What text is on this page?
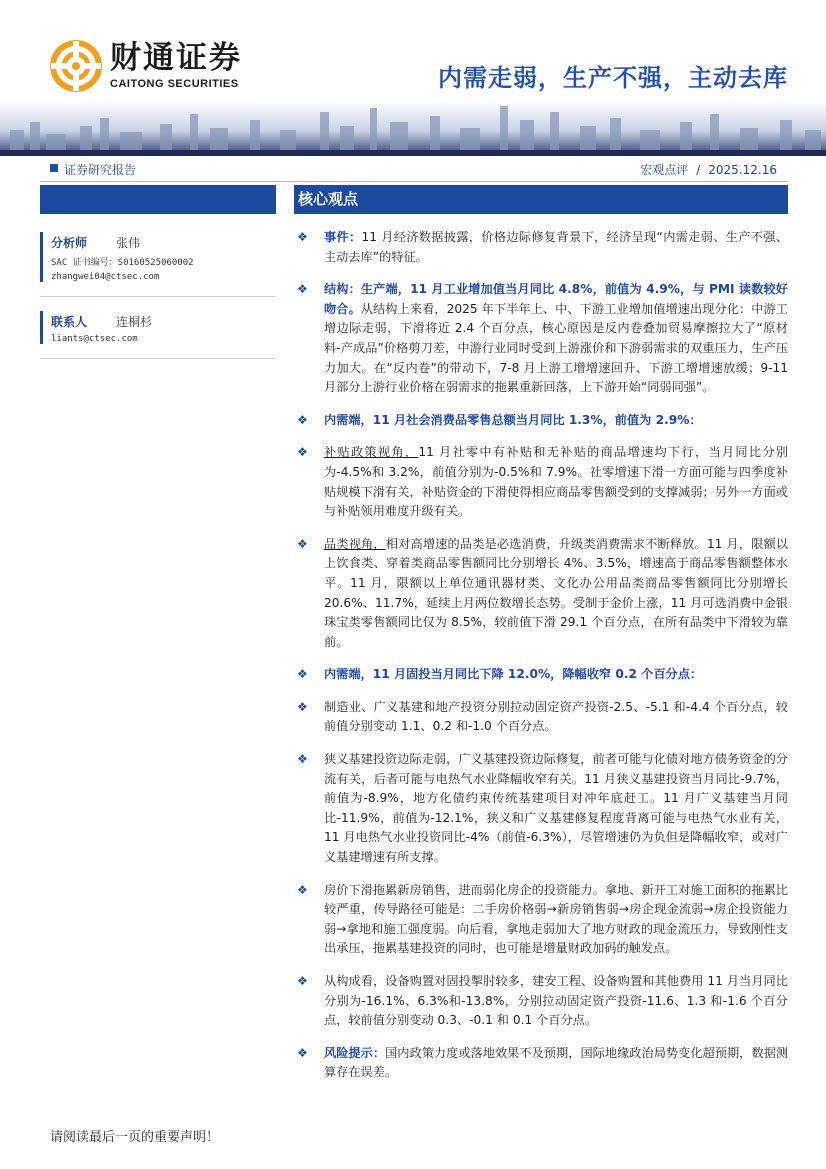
财通证券
CAITONG SECURITIES	内需走弱，生产不强，主动去库
证券研究报告	宏观点评 / 2025.12.16
分析师 张伟
SAC 证书编号：S0160525060002
zhangwei04@ctsec.com
联系人 连桐杉
liants@ctsec.com
核心观点
❖ 事件：11 月经济数据披露，价格边际修复背景下，经济呈现“内需走弱、生产不强、主动去库”的特征。
❖ 结构：生产端，11 月工业增加值当月同比 4.8%，前值为 4.9%，与 PMI 读数较好吻合。从结构上来看，2025 年下半年上、中、下游工业增加值增速出现分化：中游工增边际走弱，下滑将近 2.4 个百分点，核心原因是反内卷叠加贸易摩擦拉大了“原材料-产成品”价格剪刀差，中游行业同时受到上游涨价和下游弱需求的双重压力，生产压力加大。在“反内卷”的带动下，7-8 月上游工增增速回升、下游工增增速放缓；9-11 月部分上游行业价格在弱需求的拖累重新回落，上下游开始“同弱同强”。
❖ 内需端，11 月社会消费品零售总额当月同比 1.3%，前值为 2.9%：
❖ 补贴政策视角，11 月社零中有补贴和无补贴的商品增速均下行，当月同比分别为-4.5%和 3.2%，前值分别为-0.5%和 7.9%。社零增速下滑一方面可能与四季度补贴规模下滑有关，补贴资金的下滑使得相应商品零售额受到的支撑减弱；另外一方面或与补贴领用难度升级有关。
❖ 品类视角，相对高增速的品类是必选消费，升级类消费需求不断释放。11 月，限额以上饮食类、穿着类商品零售额同比分别增长 4%、3.5%，增速高于商品零售额整体水平。11 月，限额以上单位通讯器材类、文化办公用品类商品零售额同比分别增长 20.6%、11.7%，延续上月两位数增长态势。受制于金价上涨，11 月可选消费中金银珠宝类零售额同比仅为 8.5%，较前值下滑 29.1 个百分点，在所有品类中下滑较为靠前。
❖ 内需端，11 月固投当月同比下降 12.0%，降幅收窄 0.2 个百分点：
❖ 制造业、广义基建和地产投资分别拉动固定资产投资-2.5、-5.1 和-4.4 个百分点，较前值分别变动 1.1、0.2 和-1.0 个百分点。
❖ 狭义基建投资边际走弱，广义基建投资边际修复，前者可能与化债对地方债务资金的分流有关，后者可能与电热气水业降幅收窄有关。11 月狭义基建投资当月同比-9.7%，前值为-8.9%，地方化债约束传统基建项目对冲年底赶工。11 月广义基建当月同比-11.9%，前值为-12.1%，狭义和广义基建修复程度背离可能与电热气水业有关，11 月电热气水业投资同比-4%（前值-6.3%），尽管增速仍为负但是降幅收窄，或对广义基建增速有所支撑。
❖ 房价下滑拖累新房销售，进而弱化房企的投资能力。拿地、新开工对施工面积的拖累比较严重，传导路径可能是：二手房价格弱→新房销售弱→房企现金流弱→房企投资能力弱→拿地和施工强度弱。向后看，拿地走弱加大了地方财政的现金流压力，导致刚性支出承压，拖累基建投资的同时，也可能是增量财政加码的触发点。
❖ 从构成看，设备购置对固投掣肘较多，建安工程、设备购置和其他费用 11 月当月同比分别为-16.1%、6.3%和-13.8%，分别拉动固定资产投资-11.6、1.3 和-1.6 个百分点，较前值分别变动 0.3、-0.1 和 0.1 个百分点。
❖ 风险提示：国内政策力度或落地效果不及预期，国际地缘政治局势变化超预期，数据测算存在误差。
请阅读最后一页的重要声明！
